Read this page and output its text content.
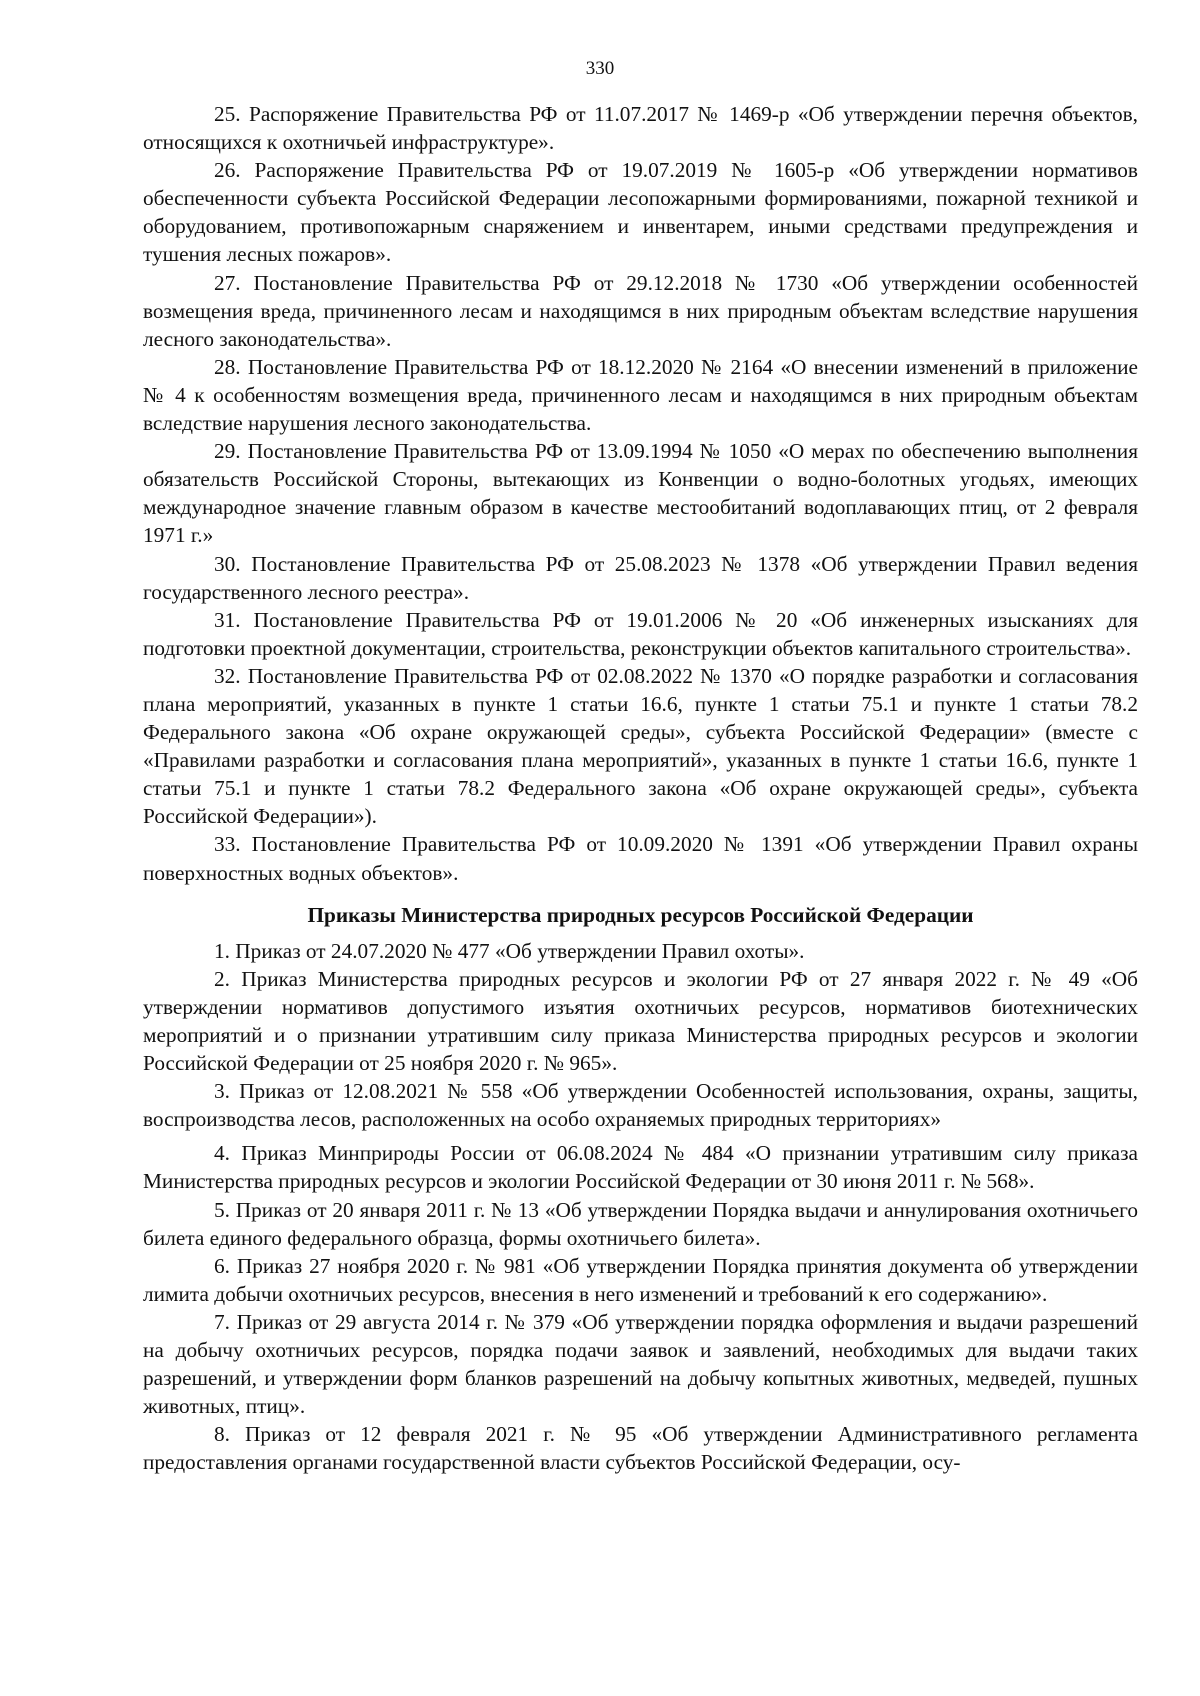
330

25. Распоряжение Правительства РФ от 11.07.2017 № 1469-р «Об утверждении перечня объектов, относящихся к охотничьей инфраструктуре».

26. Распоряжение Правительства РФ от 19.07.2019 № 1605-р «Об утверждении нормативов обеспеченности субъекта Российской Федерации лесопожарными формированиями, пожарной техникой и оборудованием, противопожарным снаряжением и инвентарем, иными средствами предупреждения и тушения лесных пожаров».

27. Постановление Правительства РФ от 29.12.2018 № 1730 «Об утверждении особенностей возмещения вреда, причиненного лесам и находящимся в них природным объектам вследствие нарушения лесного законодательства».

28. Постановление Правительства РФ от 18.12.2020 № 2164 «О внесении изменений в приложение № 4 к особенностям возмещения вреда, причиненного лесам и находящимся в них природным объектам вследствие нарушения лесного законодательства.

29. Постановление Правительства РФ от 13.09.1994 № 1050 «О мерах по обеспечению выполнения обязательств Российской Стороны, вытекающих из Конвенции о водно-болотных угодьях, имеющих международное значение главным образом в качестве местообитаний водоплавающих птиц, от 2 февраля 1971 г.»

30. Постановление Правительства РФ от 25.08.2023 № 1378 «Об утверждении Правил ведения государственного лесного реестра».

31. Постановление Правительства РФ от 19.01.2006 № 20 «Об инженерных изысканиях для подготовки проектной документации, строительства, реконструкции объектов капитального строительства».

32. Постановление Правительства РФ от 02.08.2022 № 1370 «О порядке разработки и согласования плана мероприятий, указанных в пункте 1 статьи 16.6, пункте 1 статьи 75.1 и пункте 1 статьи 78.2 Федерального закона «Об охране окружающей среды», субъекта Российской Федерации» (вместе с «Правилами разработки и согласования плана мероприятий», указанных в пункте 1 статьи 16.6, пункте 1 статьи 75.1 и пункте 1 статьи 78.2 Федерального закона «Об охране окружающей среды», субъекта Российской Федерации»).

33. Постановление Правительства РФ от 10.09.2020 № 1391 «Об утверждении Правил охраны поверхностных водных объектов».

Приказы Министерства природных ресурсов Российской Федерации

1. Приказ от 24.07.2020 № 477 «Об утверждении Правил охоты».

2. Приказ Министерства природных ресурсов и экологии РФ от 27 января 2022 г. № 49 «Об утверждении нормативов допустимого изъятия охотничьих ресурсов, нормативов биотехнических мероприятий и о признании утратившим силу приказа Министерства природных ресурсов и экологии Российской Федерации от 25 ноября 2020 г. № 965».

3. Приказ от 12.08.2021 № 558 «Об утверждении Особенностей использования, охраны, защиты, воспроизводства лесов, расположенных на особо охраняемых природных территориях»

4. Приказ Минприроды России от 06.08.2024 № 484 «О признании утратившим силу приказа Министерства природных ресурсов и экологии Российской Федерации от 30 июня 2011 г. № 568».

5. Приказ от 20 января 2011 г. № 13 «Об утверждении Порядка выдачи и аннулирования охотничьего билета единого федерального образца, формы охотничьего билета».

6. Приказ 27 ноября 2020 г. № 981 «Об утверждении Порядка принятия документа об утверждении лимита добычи охотничьих ресурсов, внесения в него изменений и требований к его содержанию».

7. Приказ от 29 августа 2014 г. № 379 «Об утверждении порядка оформления и выдачи разрешений на добычу охотничьих ресурсов, порядка подачи заявок и заявлений, необходимых для выдачи таких разрешений, и утверждении форм бланков разрешений на добычу копытных животных, медведей, пушных животных, птиц».

8. Приказ от 12 февраля 2021 г. № 95 «Об утверждении Административного регламента предоставления органами государственной власти субъектов Российской Федерации, осу-
